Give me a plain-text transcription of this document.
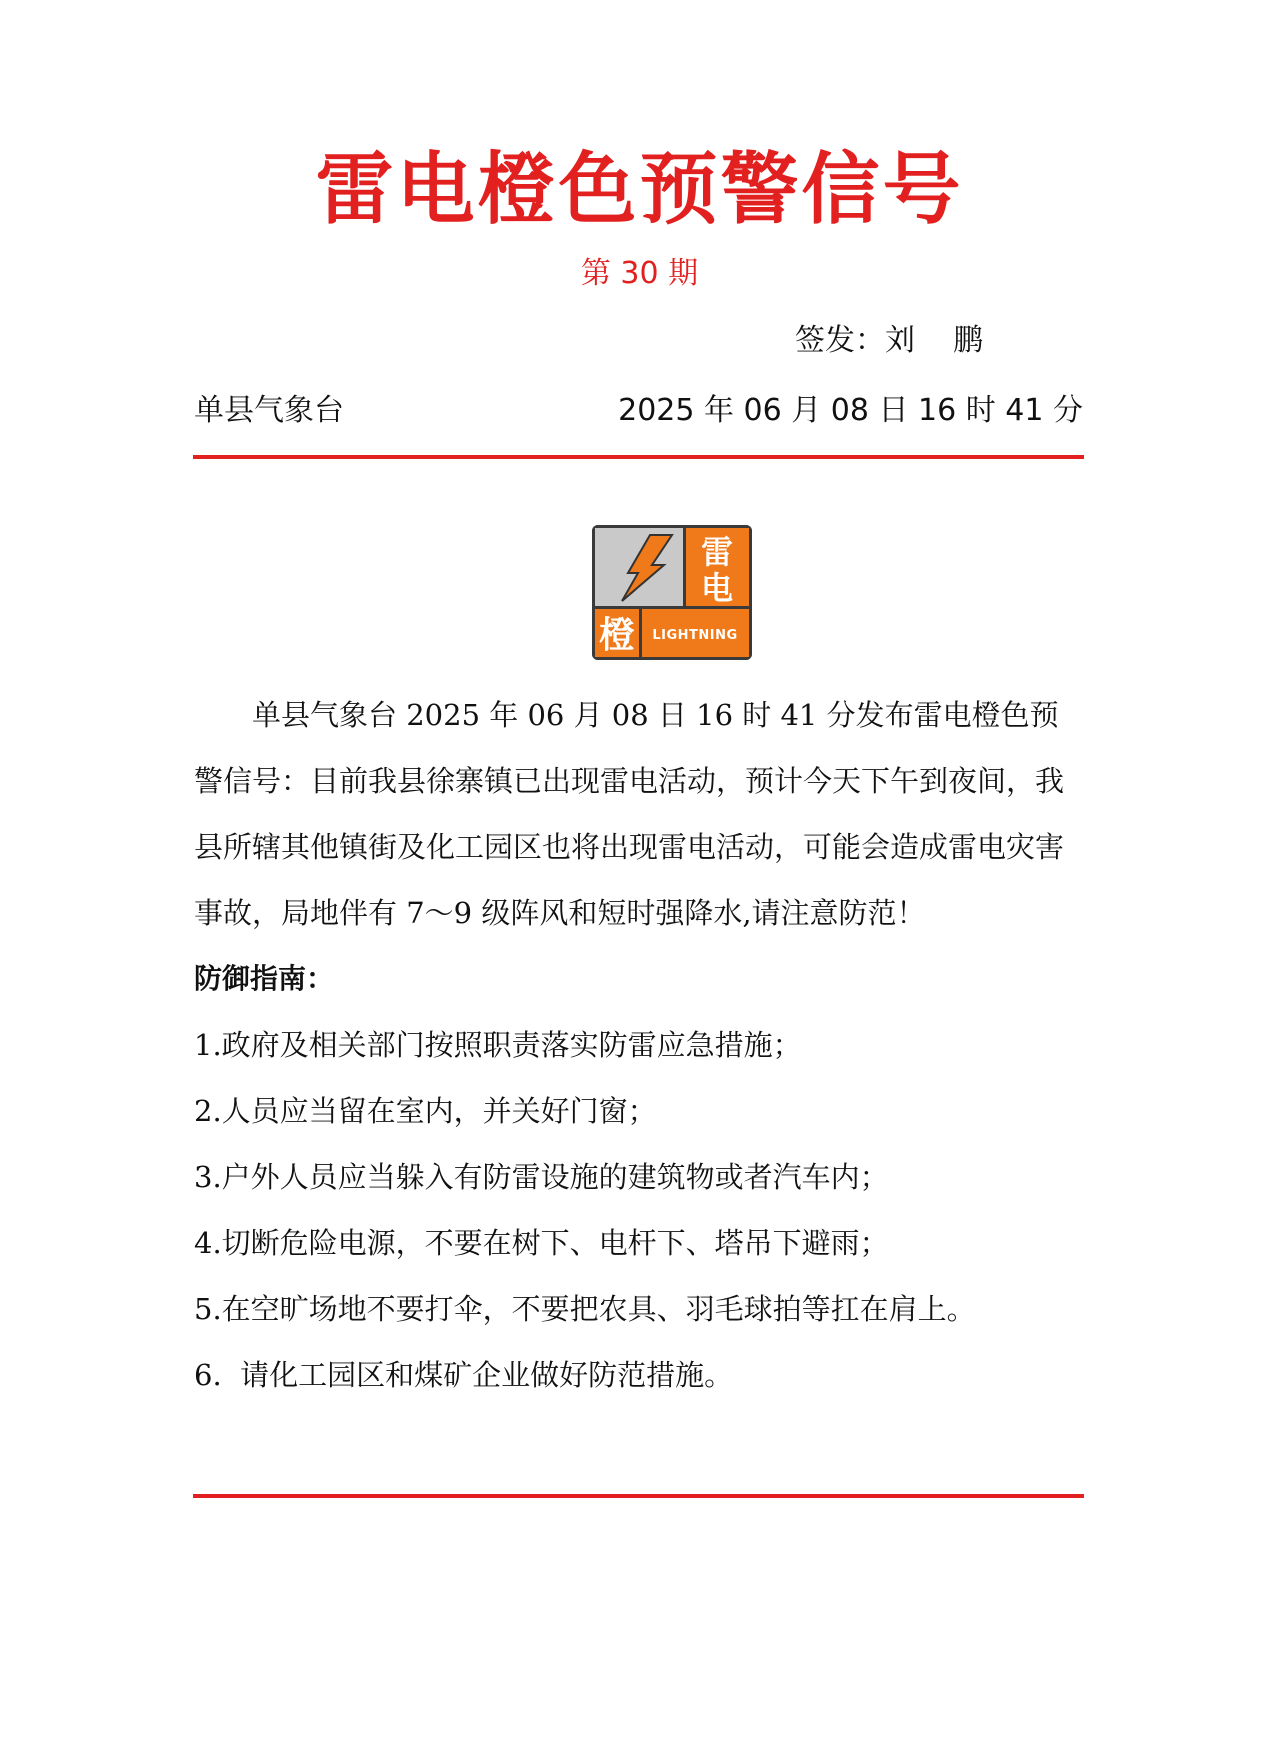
雷电橙色预警信号
第 30 期
签发：刘    鹏
单县气象台	2025 年 06 月 08 日 16 时 41 分
雷
电
橙 LIGHTNING

单县气象台 2025 年 06 月 08 日 16 时 41 分发布雷电橙色预警信号：目前我县徐寨镇已出现雷电活动，预计今天下午到夜间，我县所辖其他镇街及化工园区也将出现雷电活动，可能会造成雷电灾害事故，局地伴有 7～9 级阵风和短时强降水,请注意防范！

防御指南：

1.政府及相关部门按照职责落实防雷应急措施；

2.人员应当留在室内，并关好门窗；

3.户外人员应当躲入有防雷设施的建筑物或者汽车内；

4.切断危险电源，不要在树下、电杆下、塔吊下避雨；

5.在空旷场地不要打伞，不要把农具、羽毛球拍等扛在肩上。

6.  请化工园区和煤矿企业做好防范措施。
